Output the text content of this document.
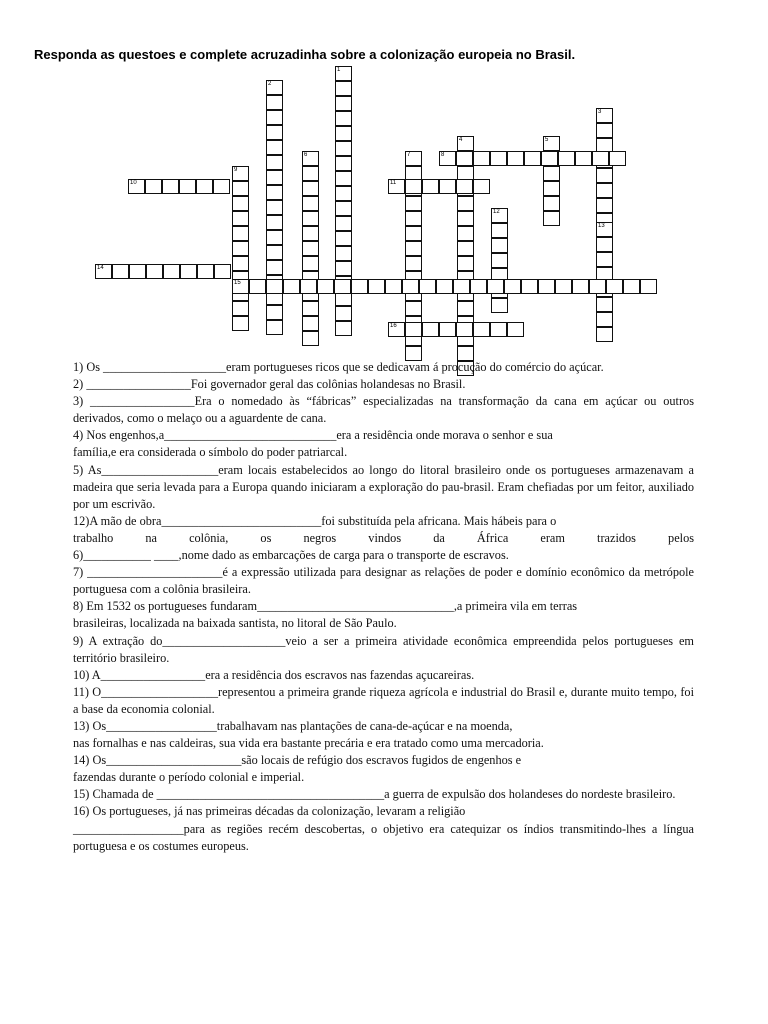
Responda as questoes e complete acruzadinha sobre a colonização europeia no Brasil.
1
2
3
4	5
6	7
9
12
13
8
10	11
14
15
16

1) Os ____________________eram portugueses ricos que se dedicavam á procução do comércio do açúcar.

2) _________________Foi governador geral das colônias holandesas no Brasil.

3) _________________Era o nomedado às “fábricas” especializadas na transformação da cana em açúcar ou outros derivados, como o melaço ou a aguardente de cana.

4) Nos engenhos,a____________________________era a residência onde morava o senhor e sua

família,e era considerada o símbolo do poder patriarcal.

5) As___________________eram locais estabelecidos ao longo do litoral brasileiro onde os portugueses armazenavam a madeira que seria levada para a Europa quando iniciaram a exploração do pau-brasil. Eram chefiadas por um feitor, auxiliado por um escrivão.

12)A mão de obra__________________________foi substituída pela africana. Mais hábeis para o

trabalho na colônia, os negros vindos da África eram trazidos pelos

6)___________ ____,nome dado as embarcações de carga para o transporte de escravos.

7) ______________________é a expressão utilizada para designar as relações de poder e domínio econômico da metrópole portuguesa com a colônia brasileira.

8) Em 1532 os portugueses fundaram________________________________,a primeira vila em terras

brasileiras, localizada na baixada santista, no litoral de São Paulo.

9) A extração do____________________veio a ser a primeira atividade econômica empreendida pelos portugueses em território brasileiro.

10) A_________________era a residência dos escravos nas fazendas açucareiras.

11) O___________________representou a primeira grande riqueza agrícola e industrial do Brasil e, durante muito tempo, foi a base da economia colonial.

13) Os__________________trabalhavam nas plantações de cana-de-açúcar e na moenda,

nas fornalhas e nas caldeiras, sua vida era bastante precária e era tratado como uma mercadoria.

14) Os______________________são locais de refúgio dos escravos fugidos de engenhos e

fazendas durante o período colonial e imperial.

15) Chamada de _____________________________________a guerra de expulsão dos holandeses do nordeste brasileiro.

16) Os portugueses, já nas primeiras décadas da colonização, levaram a religião

__________________para as regiões recém descobertas, o objetivo era catequizar os índios transmitindo-lhes a língua portuguesa e os costumes europeus.
